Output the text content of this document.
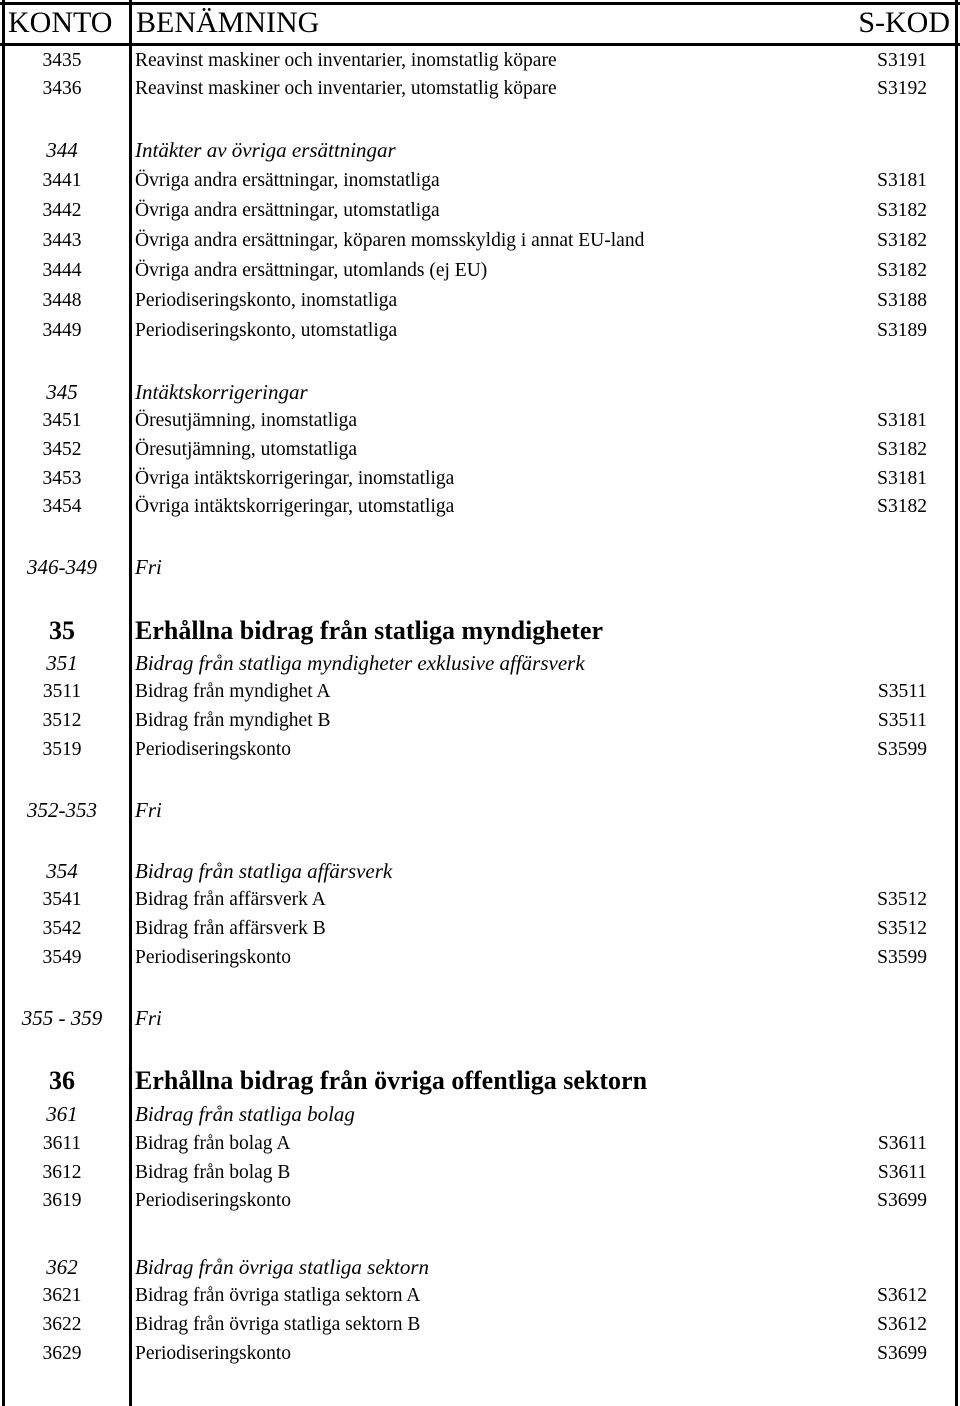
KONTO BENÄMNING	S-KOD
3435	Reavinst maskiner och inventarier, inomstatlig köpare	S3191
3436	Reavinst maskiner och inventarier, utomstatlig köpare	S3192
344	Intäkter av övriga ersättningar
3441	Övriga andra ersättningar, inomstatliga	S3181
3442	Övriga andra ersättningar, utomstatliga	S3182
3443	Övriga andra ersättningar, köparen momsskyldig i annat EU-land	S3182
3444	Övriga andra ersättningar, utomlands (ej EU)	S3182
3448	Periodiseringskonto, inomstatliga	S3188
3449	Periodiseringskonto, utomstatliga	S3189
345	Intäktskorrigeringar
3451	Öresutjämning, inomstatliga	S3181
3452	Öresutjämning, utomstatliga	S3182
3453	Övriga intäktskorrigeringar, inomstatliga	S3181
3454	Övriga intäktskorrigeringar, utomstatliga	S3182
346-349	Fri
35	Erhållna bidrag från statliga myndigheter
351	Bidrag från statliga myndigheter exklusive affärsverk
3511	Bidrag från myndighet A	S3511
3512	Bidrag från myndighet B	S3511
3519	Periodiseringskonto	S3599
352-353	Fri
354	Bidrag från statliga affärsverk
3541	Bidrag från affärsverk A	S3512
3542	Bidrag från affärsverk B	S3512
3549	Periodiseringskonto	S3599
355 - 359	Fri
36	Erhållna bidrag från övriga offentliga sektorn
361	Bidrag från statliga bolag
3611	Bidrag från bolag A	S3611
3612	Bidrag från bolag B	S3611
3619	Periodiseringskonto	S3699
362	Bidrag från övriga statliga sektorn
3621	Bidrag från övriga statliga sektorn A	S3612
3622	Bidrag från övriga statliga sektorn B	S3612
3629	Periodiseringskonto	S3699
